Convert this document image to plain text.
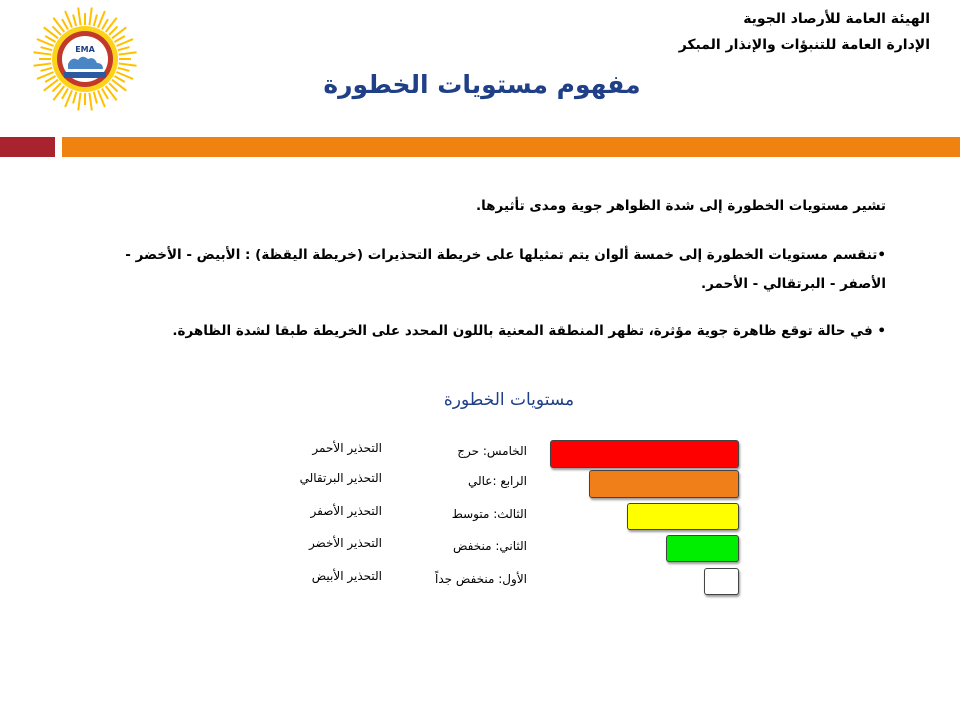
EMA
الهيئة العامة للأرصاد الجوية
الإدارة العامة للتنبؤات والإنذار المبكر
مفهوم مستويات الخطورة

تشير مستويات الخطورة إلى شدة الظواهر جوية ومدى تأثيرها.

•تنقسم مستويات الخطورة إلى خمسة ألوان يتم تمثيلها على خريطة التحذيرات (خريطة اليقظة) : الأبيض - الأخضر - الأصفر - البرتقالي - الأحمر.

• في حالة توقع ظاهرة جوية مؤثرة، تظهر المنطقة المعنية باللون المحدد على الخريطة طبقا لشدة الظاهرة.

مستويات الخطورة
الخامس: حرج
التحذير الأحمر
الرابع :عالي
التحذير البرتقالي
الثالث: متوسط
التحذير الأصفر
الثاني: منخفض
التحذير الأخضر
الأول: منخفض جداً
التحذير الأبيض
